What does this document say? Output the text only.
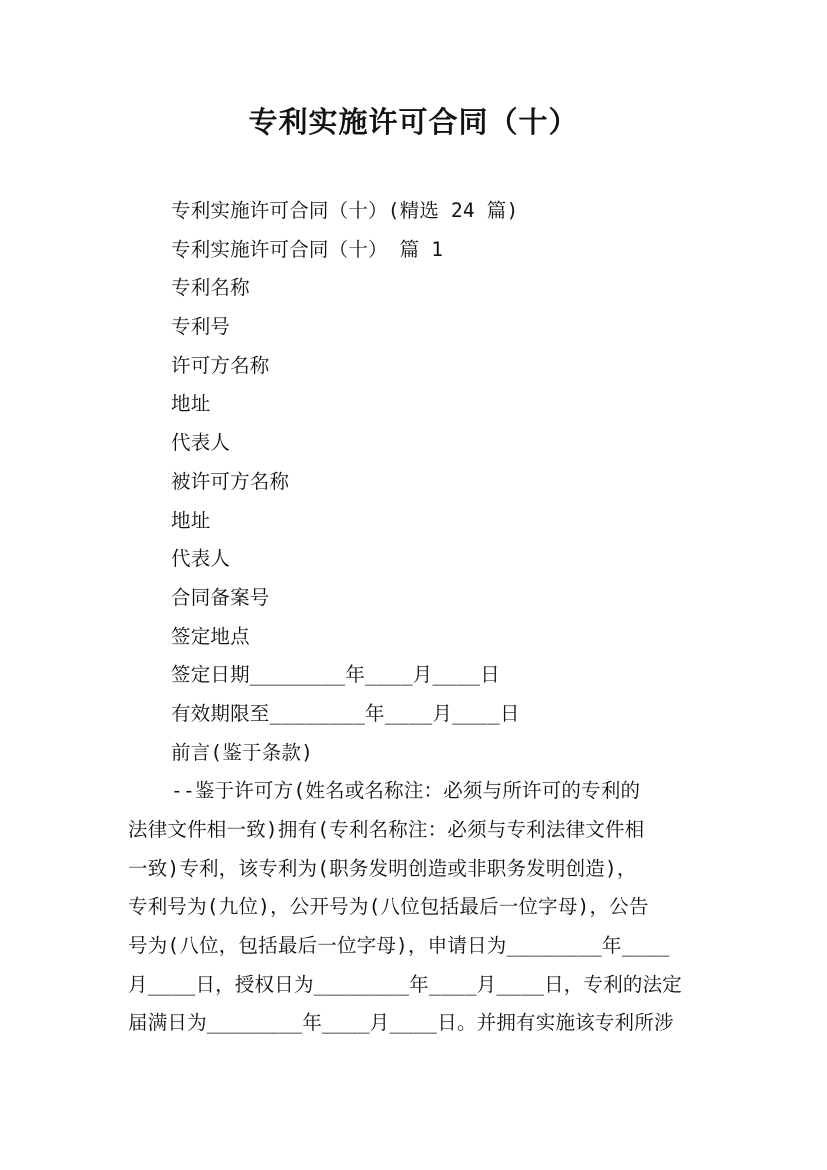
专利实施许可合同（十）
专利实施许可合同（十）(精选 24 篇)
专利实施许可合同（十） 篇 1
专利名称
专利号
许可方名称
地址
代表人
被许可方名称
地址
代表人
合同备案号
签定地点
签定日期________年____月____日
有效期限至________年____月____日
前言(鉴于条款)
--鉴于许可方(姓名或名称注：必须与所许可的专利的
法律文件相一致)拥有(专利名称注：必须与专利法律文件相
一致)专利，该专利为(职务发明创造或非职务发明创造)，
专利号为(九位)，公开号为(八位包括最后一位字母)，公告
号为(八位，包括最后一位字母)，申请日为________年____
月____日，授权日为________年____月____日，专利的法定
届满日为________年____月____日。并拥有实施该专利所涉
